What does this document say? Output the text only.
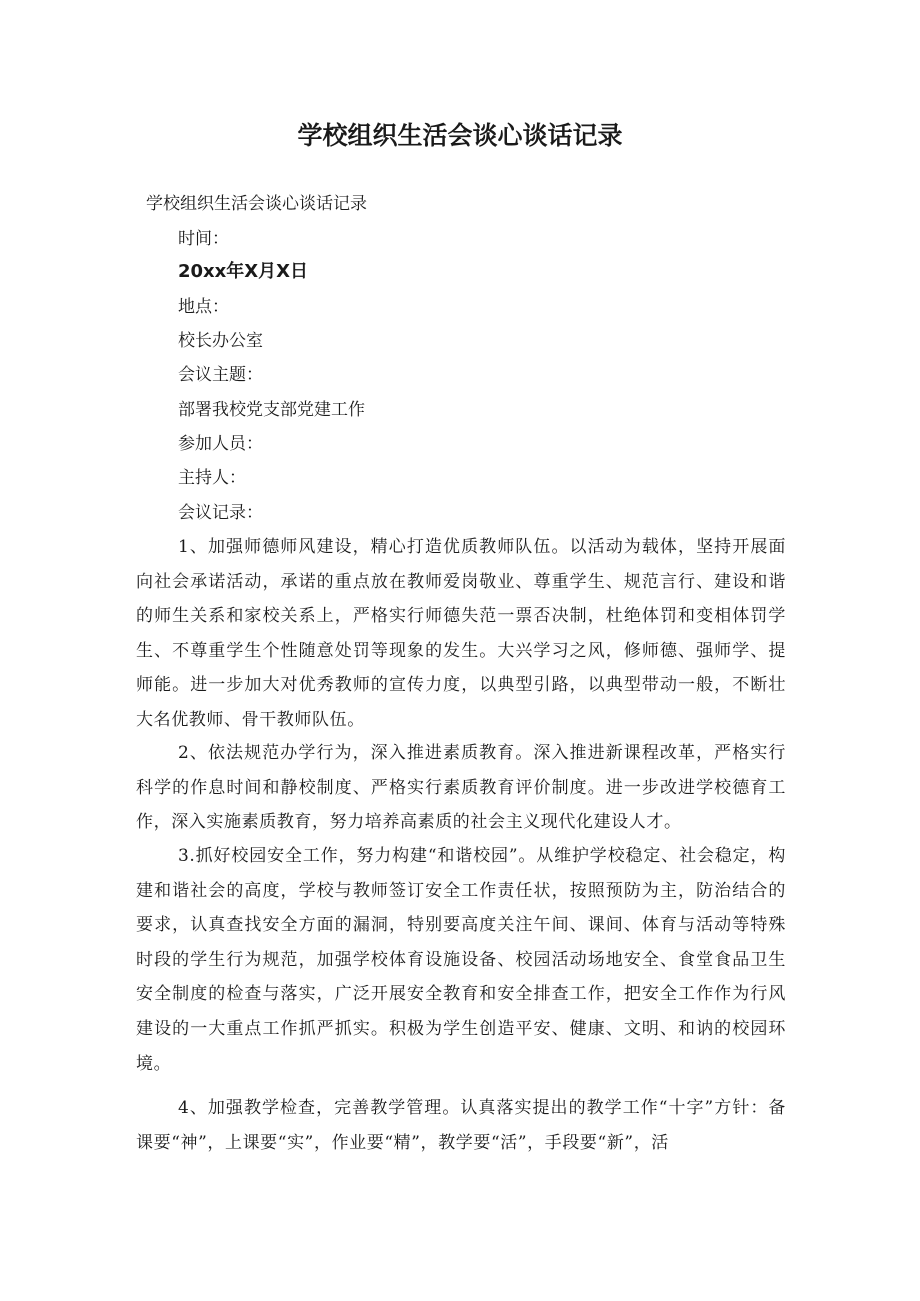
学校组织生活会谈心谈话记录

学校组织生活会谈心谈话记录

时间：

20xx年X月X日

地点：

校长办公室

会议主题：

部署我校党支部党建工作

参加人员：

主持人：

会议记录：

1、加强师德师风建设，精心打造优质教师队伍。以活动为载体，坚持开展面向社会承诺活动，承诺的重点放在教师爱岗敬业、尊重学生、规范言行、建设和谐的师生关系和家校关系上，严格实行师德失范一票否决制，杜绝体罚和变相体罚学生、不尊重学生个性随意处罚等现象的发生。大兴学习之风，修师德、强师学、提师能。进一步加大对优秀教师的宣传力度，以典型引路，以典型带动一般，不断壮大名优教师、骨干教师队伍。

2、依法规范办学行为，深入推进素质教育。深入推进新课程改革，严格实行科学的作息时间和静校制度、严格实行素质教育评价制度。进一步改进学校德育工作，深入实施素质教育，努力培养高素质的社会主义现代化建设人才。

3.抓好校园安全工作，努力构建“和谐校园”。从维护学校稳定、社会稳定，构建和谐社会的高度，学校与教师签订安全工作责任状，按照预防为主，防治结合的要求，认真查找安全方面的漏洞，特别要高度关注午间、课间、体育与活动等特殊时段的学生行为规范，加强学校体育设施设备、校园活动场地安全、食堂食品卫生安全制度的检查与落实，广泛开展安全教育和安全排查工作，把安全工作作为行风建设的一大重点工作抓严抓实。积极为学生创造平安、健康、文明、和讷的校园环境。

4、加强教学检查，完善教学管理。认真落实提出的教学工作“十字”方针：备课要“神”，上课要“实”，作业要“精”，教学要“活”，手段要“新”，活
